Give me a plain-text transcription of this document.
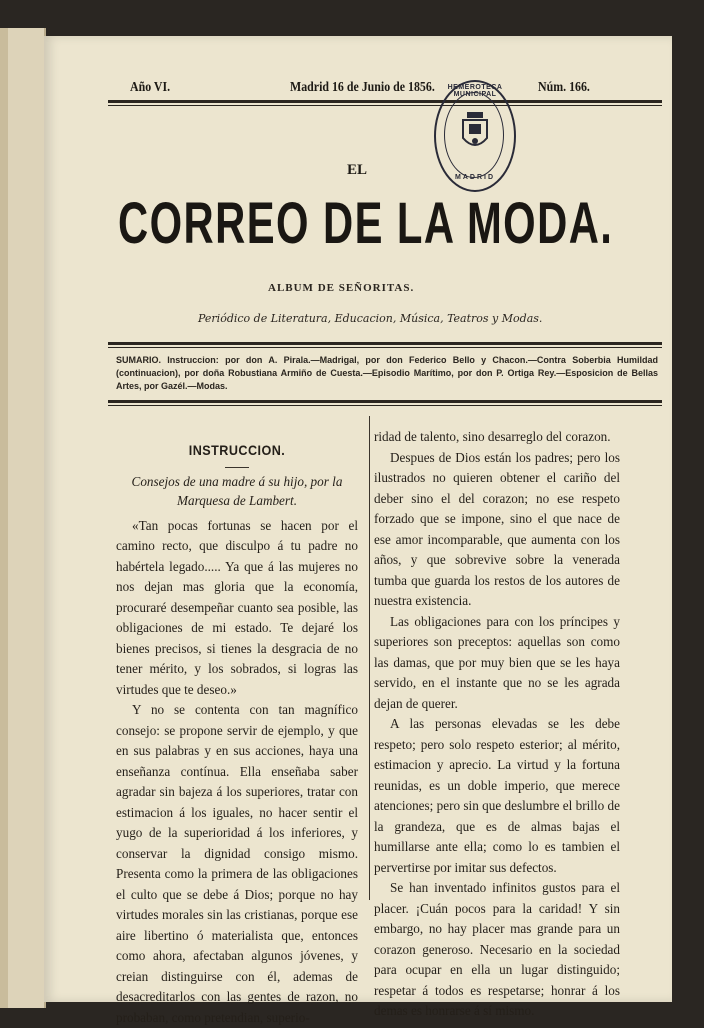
Año VI.	Madrid 16 de Junio de 1856.	Núm. 166.
HEMEROTECA MUNICIPAL
MADRID
EL
CORREO DE LA MODA.
ALBUM DE SEÑORITAS.
Periódico de Literatura, Educacion, Música, Teatros y Modas.
SUMARIO. Instruccion: por don A. Pirala.—Madrigal, por don Federico Bello y Chacon.—Contra Soberbia Humildad (continuacion), por doña Robustiana Armiño de Cuesta.—Episodio Marítimo, por don P. Ortiga Rey.—Esposicion de Bellas Artes, por Gazél.—Modas.

INSTRUCCION.

Consejos de una madre á su hijo, por la Marquesa de Lambert.

«Tan pocas fortunas se hacen por el camino recto, que disculpo á tu padre no habértela legado..... Ya que á las mujeres no nos dejan mas gloria que la economía, procuraré desempeñar cuanto sea posible, las obligaciones de mi estado. Te dejaré los bienes precisos, si tienes la desgracia de no tener mérito, y los sobrados, si logras las virtudes que te deseo.»

Y no se contenta con tan magnífico consejo: se propone servir de ejemplo, y que en sus palabras y en sus acciones, haya una enseñanza contínua. Ella enseñaba saber agradar sin bajeza á los superiores, tratar con estimacion á los iguales, no hacer sentir el yugo de la superioridad á los inferiores, y conservar la dignidad consigo mismo. Presenta como la primera de las obligaciones el culto que se debe á Dios; porque no hay virtudes morales sin las cristianas, porque ese aire libertino ó materialista que, entonces como ahora, afectaban algunos jóvenes, y creian distinguirse con él, ademas de desacreditarlos con las gentes de razon, no probaban, como pretendian, superio-

ridad de talento, sino desarreglo del corazon.

Despues de Dios están los padres; pero los ilustrados no quieren obtener el cariño del deber sino el del corazon; no ese respeto forzado que se impone, sino el que nace de ese amor incomparable, que aumenta con los años, y que sobrevive sobre la venerada tumba que guarda los restos de los autores de nuestra existencia.

Las obligaciones para con los príncipes y superiores son preceptos: aquellas son como las damas, que por muy bien que se les haya servido, en el instante que no se les agrada dejan de querer.

A las personas elevadas se les debe respeto; pero solo respeto esterior; al mérito, estimacion y aprecio. La virtud y la fortuna reunidas, es un doble imperio, que merece atenciones; pero sin que deslumbre el brillo de la grandeza, que es de almas bajas el humillarse ante ella; como lo es tambien el pervertirse por imitar sus defectos.

Se han inventado infinitos gustos para el placer. ¡Cuán pocos para la caridad! Y sin embargo, no hay placer mas grande para un corazon generoso. Necesario en la sociedad para ocupar en ella un lugar distinguido; respetar á todos es respetarse; honrar á los demas es honrarse á sí mismo.
